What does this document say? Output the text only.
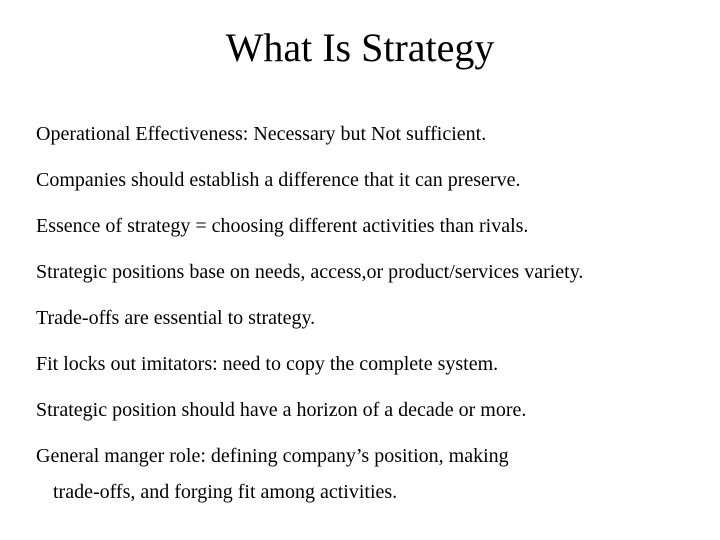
What Is Strategy
Operational Effectiveness: Necessary but Not sufficient.
Companies should establish a difference that it can preserve.
Essence of strategy = choosing different activities than rivals.
Strategic positions base on needs, access,or product/services variety.
Trade-offs are essential to strategy.
Fit locks out imitators: need to copy the complete system.
Strategic position should have a horizon of a decade or more.
General manger role: defining company’s position, making
trade-offs, and forging fit among activities.
